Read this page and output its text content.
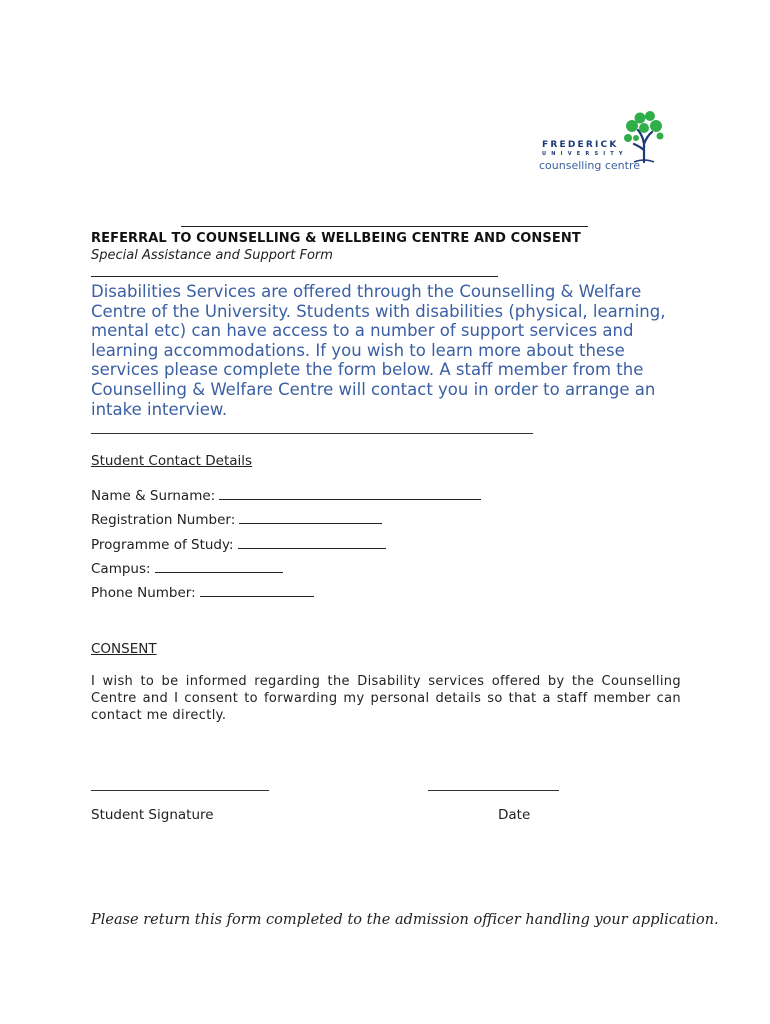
FREDERICK
UNIVERSITY
counselling centre
REFERRAL TO COUNSELLING & WELLBEING CENTRE AND CONSENT
Special Assistance and Support Form
Disabilities Services are offered through the Counselling & Welfare Centre of the University. Students with disabilities (physical, learning, mental etc) can have access to a number of support services and learning accommodations. If you wish to learn more about these services please complete the form below. A staff member from the Counselling & Welfare Centre will contact you in order to arrange an intake interview.
Student Contact Details
Name & Surname:
Registration Number:
Programme of Study:
Campus:
Phone Number:
CONSENT
I wish to be informed regarding the Disability services offered by the Counselling Centre and I consent to forwarding my personal details so that a staff member can contact me directly.
Student Signature	Date
Please return this form completed to the admission officer handling your application.
